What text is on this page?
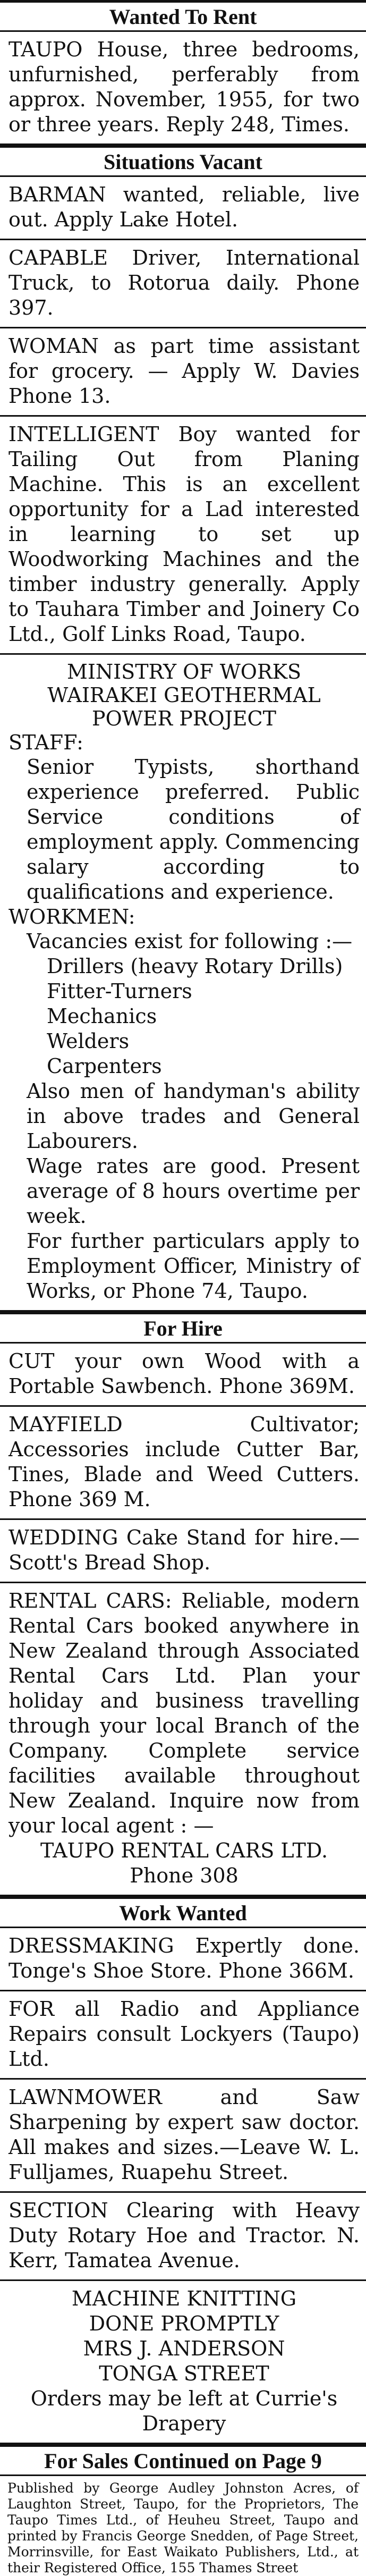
Wanted To Rent

TAUPO House, three bedrooms, unfurnished, perferably from approx. November, 1955, for two or three years. Reply 248, Times.

Situations Vacant

BARMAN wanted, reliable, live out. Apply Lake Hotel.

CAPABLE Driver, International Truck, to Rotorua daily. Phone 397.

WOMAN as part time assistant for grocery. — Apply W. Davies Phone 13.

INTELLIGENT Boy wanted for Tailing Out from Planing Machine. This is an excellent opportunity for a Lad interested in learning to set up Woodworking Machines and the timber industry generally. Apply to Tauhara Timber and Joinery Co Ltd., Golf Links Road, Taupo.

MINISTRY OF WORKS
WAIRAKEI GEOTHERMAL
POWER PROJECT
STAFF:

Senior Typists, shorthand experience preferred. Public Service conditions of employment apply. Commencing salary according to qualifications and experience.

WORKMEN:

Vacancies exist for following :—

Drillers (heavy Rotary Drills)
Fitter-Turners
Mechanics
Welders
Carpenters

Also men of handyman's ability in above trades and General Labourers.

Wage rates are good. Present average of 8 hours overtime per week.

For further particulars apply to Employment Officer, Ministry of Works, or Phone 74, Taupo.

For Hire

CUT your own Wood with a Portable Sawbench. Phone 369M.

MAYFIELD Cultivator; Accessories include Cutter Bar, Tines, Blade and Weed Cutters. Phone 369 M.

WEDDING Cake Stand for hire.— Scott's Bread Shop.

RENTAL CARS: Reliable, modern Rental Cars booked anywhere in New Zealand through Associated Rental Cars Ltd. Plan your holiday and business travelling through your local Branch of the Company. Complete service facilities available throughout New Zealand. Inquire now from your local agent : —

TAUPO RENTAL CARS LTD.
Phone 308
Work Wanted

DRESSMAKING Expertly done. Tonge's Shoe Store. Phone 366M.

FOR all Radio and Appliance Repairs consult Lockyers (Taupo) Ltd.

LAWNMOWER and Saw Sharpening by expert saw doctor. All makes and sizes.—Leave W. L. Fulljames, Ruapehu Street.

SECTION Clearing with Heavy Duty Rotary Hoe and Tractor. N. Kerr, Tamatea Avenue.

MACHINE KNITTING
DONE PROMPTLY
MRS J. ANDERSON
TONGA STREET

Orders may be left at Currie's Drapery

For Sales Continued on Page 9
Published by George Audley Johnston Acres, of Laughton Street, Taupo, for the Proprietors, The Taupo Times Ltd., of Heuheu Street, Taupo and printed by Francis George Snedden, of Page Street, Morrinsville, for East Waikato Publishers, Ltd., at their Registered Office, 155 Thames Street
